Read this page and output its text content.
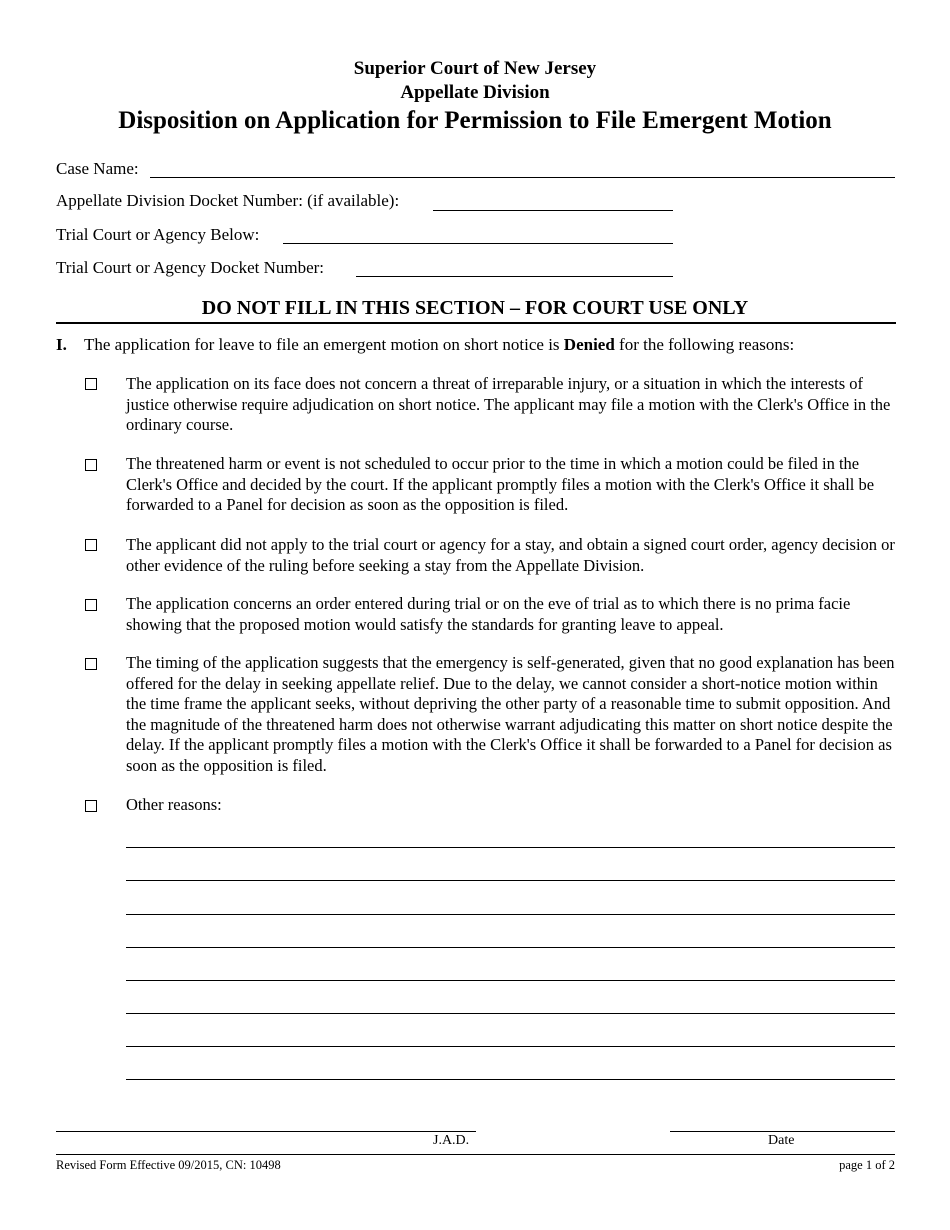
Superior Court of New Jersey
Appellate Division
Disposition on Application for Permission to File Emergent Motion
Case Name:
Appellate Division Docket Number: (if available):
Trial Court or Agency Below:
Trial Court or Agency Docket Number:
DO NOT FILL IN THIS SECTION – FOR COURT USE ONLY
I. The application for leave to file an emergent motion on short notice is Denied for the following reasons:
The application on its face does not concern a threat of irreparable injury, or a situation in which the interests of justice otherwise require adjudication on short notice. The applicant may file a motion with the Clerk's Office in the ordinary course.
The threatened harm or event is not scheduled to occur prior to the time in which a motion could be filed in the Clerk's Office and decided by the court. If the applicant promptly files a motion with the Clerk's Office it shall be forwarded to a Panel for decision as soon as the opposition is filed.
The applicant did not apply to the trial court or agency for a stay, and obtain a signed court order, agency decision or other evidence of the ruling before seeking a stay from the Appellate Division.
The application concerns an order entered during trial or on the eve of trial as to which there is no prima facie showing that the proposed motion would satisfy the standards for granting leave to appeal.
The timing of the application suggests that the emergency is self-generated, given that no good explanation has been offered for the delay in seeking appellate relief. Due to the delay, we cannot consider a short-notice motion within the time frame the applicant seeks, without depriving the other party of a reasonable time to submit opposition. And the magnitude of the threatened harm does not otherwise warrant adjudicating this matter on short notice despite the delay. If the applicant promptly files a motion with the Clerk's Office it shall be forwarded to a Panel for decision as soon as the opposition is filed.
Other reasons:
J.A.D.	Date
Revised Form Effective 09/2015, CN: 10498	page 1 of 2
